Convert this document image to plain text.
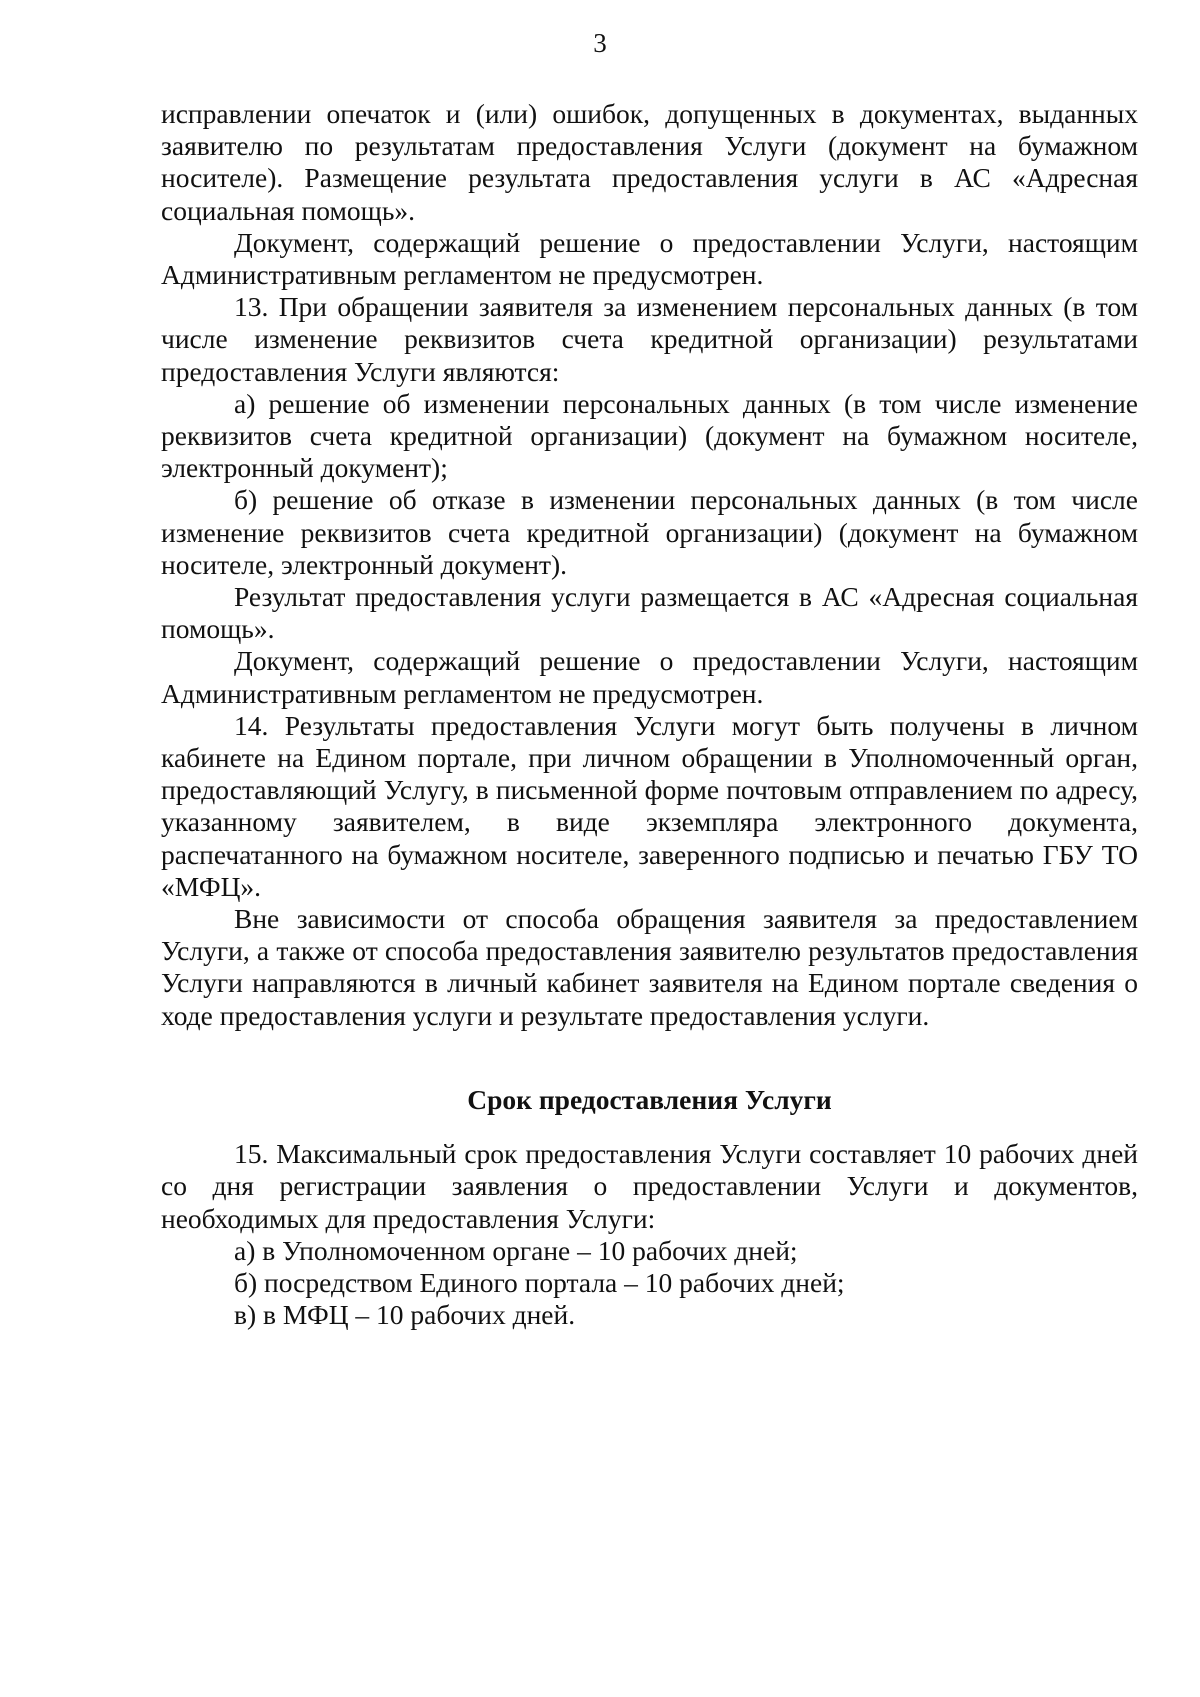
3

исправлении опечаток и (или) ошибок, допущенных в документах, выданных заявителю по результатам предоставления Услуги (документ на бумажном носителе). Размещение результата предоставления услуги в АС «Адресная социальная помощь».

Документ, содержащий решение о предоставлении Услуги, настоящим Административным регламентом не предусмотрен.

13. При обращении заявителя за изменением персональных данных (в том числе изменение реквизитов счета кредитной организации) результатами предоставления Услуги являются:

а) решение об изменении персональных данных (в том числе изменение реквизитов счета кредитной организации) (документ на бумажном носителе, электронный документ);

б) решение об отказе в изменении персональных данных (в том числе изменение реквизитов счета кредитной организации) (документ на бумажном носителе, электронный документ).

Результат предоставления услуги размещается в АС «Адресная социальная помощь».

Документ, содержащий решение о предоставлении Услуги, настоящим Административным регламентом не предусмотрен.

14. Результаты предоставления Услуги могут быть получены в личном кабинете на Едином портале, при личном обращении в Уполномоченный орган, предоставляющий Услугу, в письменной форме почтовым отправлением по адресу, указанному заявителем, в виде экземпляра электронного документа, распечатанного на бумажном носителе, заверенного подписью и печатью ГБУ ТО «МФЦ».

Вне зависимости от способа обращения заявителя за предоставлением Услуги, а также от способа предоставления заявителю результатов предоставления Услуги направляются в личный кабинет заявителя на Едином портале сведения о ходе предоставления услуги и результате предоставления услуги.

Срок предоставления Услуги

15. Максимальный срок предоставления Услуги составляет 10 рабочих дней со дня регистрации заявления о предоставлении Услуги и документов, необходимых для предоставления Услуги:

а) в Уполномоченном органе – 10 рабочих дней;

б) посредством Единого портала – 10 рабочих дней;

в) в МФЦ – 10 рабочих дней.
